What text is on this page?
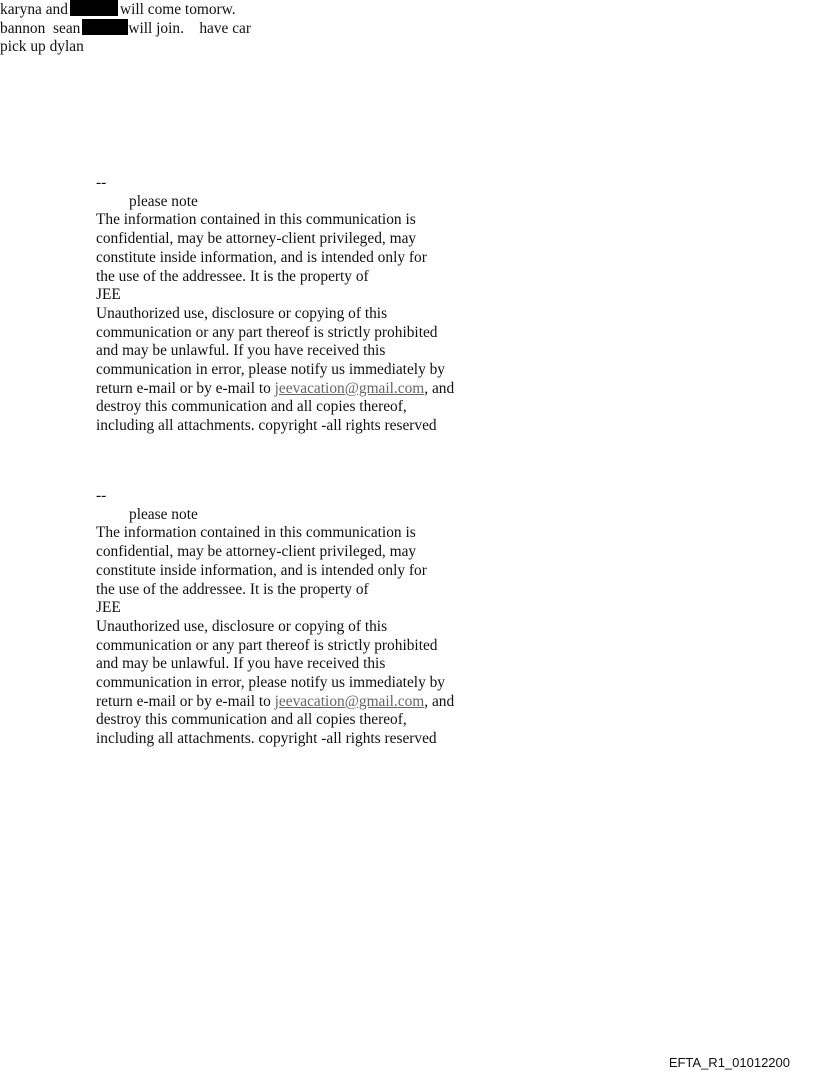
karyna and	will come tomorw.

bannon  sean	will join.    have car

pick up dylan

--

please note

The information contained in this communication is

confidential, may be attorney-client privileged, may

constitute inside information, and is intended only for

the use of the addressee. It is the property of

JEE

Unauthorized use, disclosure or copying of this

communication or any part thereof is strictly prohibited

and may be unlawful. If you have received this

communication in error, please notify us immediately by

return e-mail or by e-mail to jeevacation@gmail.com, and

destroy this communication and all copies thereof,

including all attachments. copyright -all rights reserved

--

please note

The information contained in this communication is

confidential, may be attorney-client privileged, may

constitute inside information, and is intended only for

the use of the addressee. It is the property of

JEE

Unauthorized use, disclosure or copying of this

communication or any part thereof is strictly prohibited

and may be unlawful. If you have received this

communication in error, please notify us immediately by

return e-mail or by e-mail to jeevacation@gmail.com, and

destroy this communication and all copies thereof,

including all attachments. copyright -all rights reserved

EFTA_R1_01012200
